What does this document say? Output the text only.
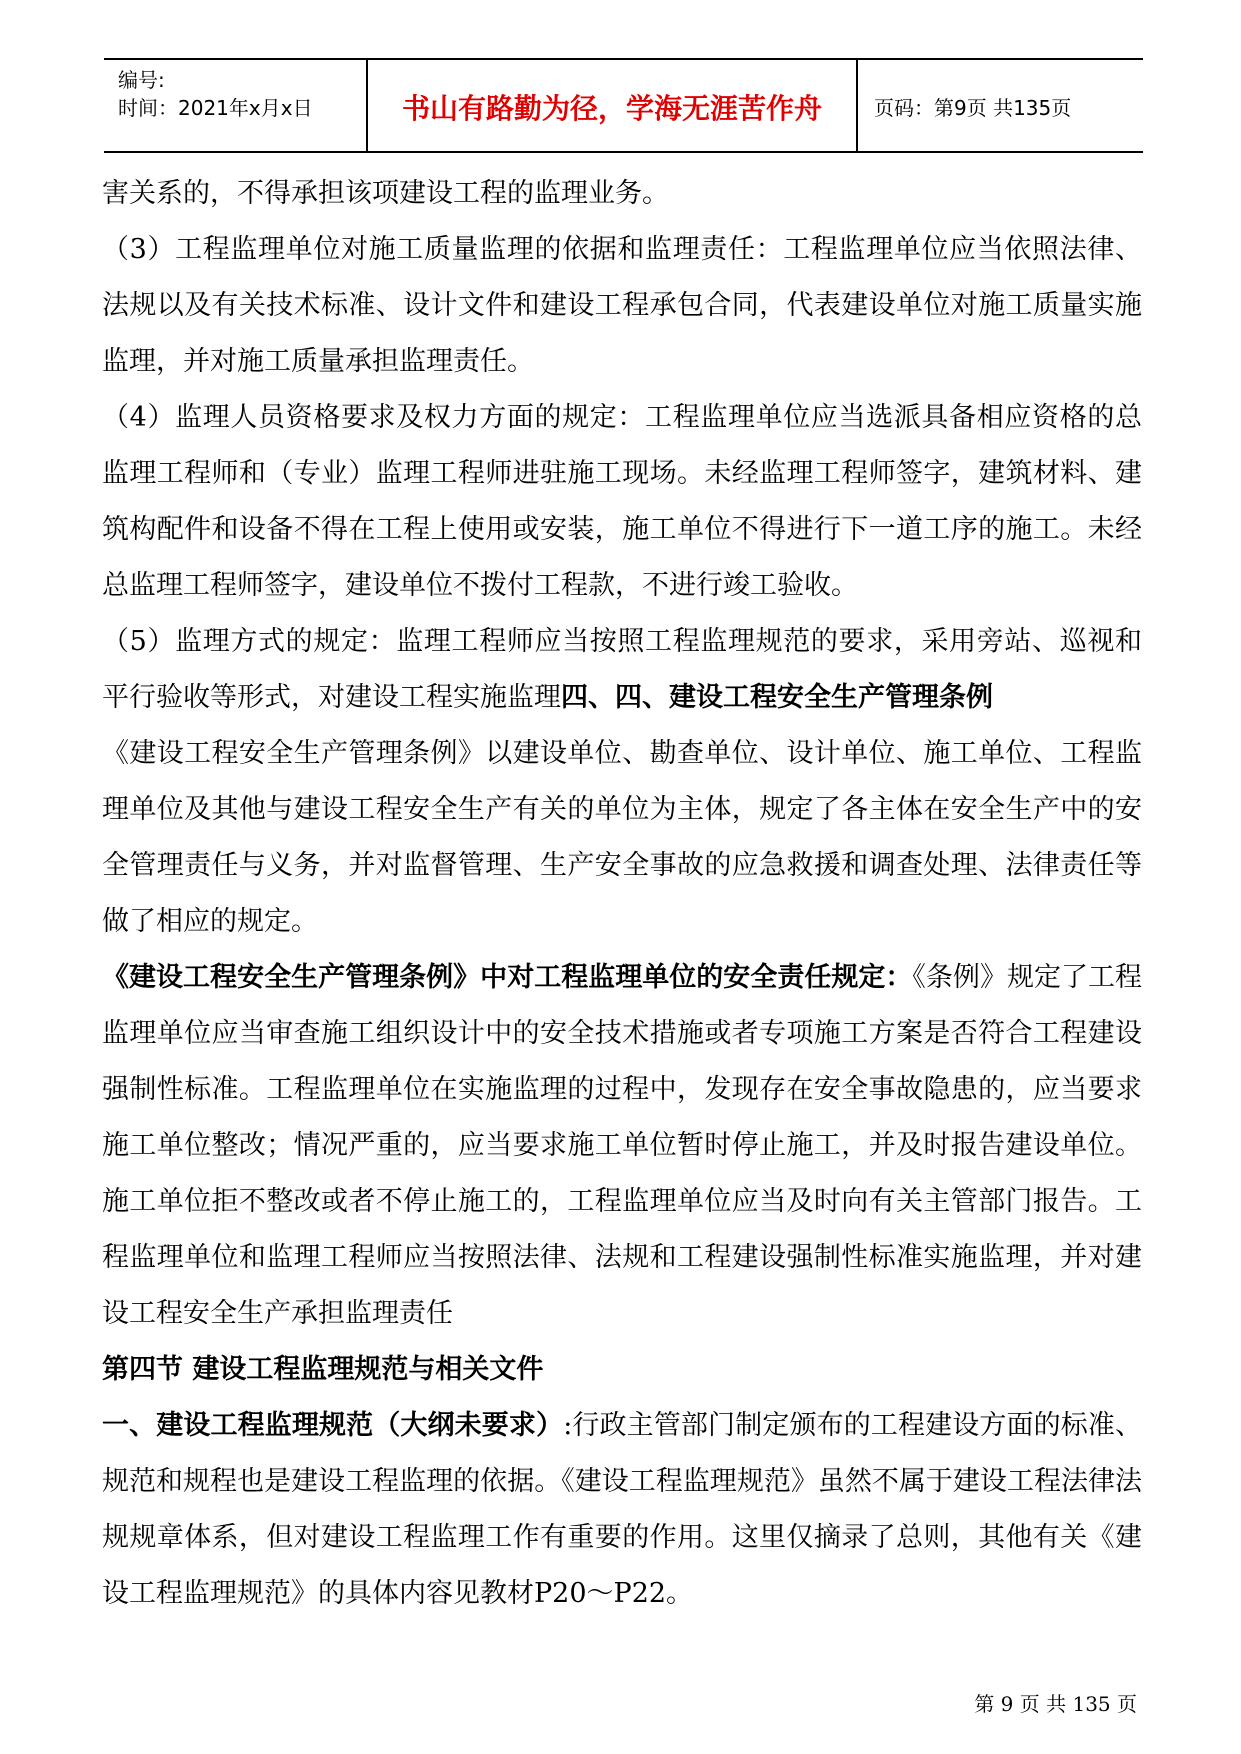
编号:
时间：2021年x月x日	书山有路勤为径，学海无涯苦作舟	页码：第9页 共135页

害关系的，不得承担该项建设工程的监理业务。

（3）工程监理单位对施工质量监理的依据和监理责任：工程监理单位应当依照法律、法规以及有关技术标准、设计文件和建设工程承包合同，代表建设单位对施工质量实施监理，并对施工质量承担监理责任。

（4）监理人员资格要求及权力方面的规定：工程监理单位应当选派具备相应资格的总监理工程师和（专业）监理工程师进驻施工现场。未经监理工程师签字，建筑材料、建筑构配件和设备不得在工程上使用或安装，施工单位不得进行下一道工序的施工。未经总监理工程师签字，建设单位不拨付工程款，不进行竣工验收。

（5）监理方式的规定：监理工程师应当按照工程监理规范的要求，采用旁站、巡视和平行验收等形式，对建设工程实施监理四、四、建设工程安全生产管理条例

《建设工程安全生产管理条例》以建设单位、勘查单位、设计单位、施工单位、工程监理单位及其他与建设工程安全生产有关的单位为主体，规定了各主体在安全生产中的安全管理责任与义务，并对监督管理、生产安全事故的应急救援和调查处理、法律责任等做了相应的规定。

《建设工程安全生产管理条例》中对工程监理单位的安全责任规定：《条例》规定了工程监理单位应当审查施工组织设计中的安全技术措施或者专项施工方案是否符合工程建设强制性标准。工程监理单位在实施监理的过程中，发现存在安全事故隐患的，应当要求施工单位整改；情况严重的，应当要求施工单位暂时停止施工，并及时报告建设单位。施工单位拒不整改或者不停止施工的，工程监理单位应当及时向有关主管部门报告。工程监理单位和监理工程师应当按照法律、法规和工程建设强制性标准实施监理，并对建设工程安全生产承担监理责任

第四节 建设工程监理规范与相关文件

一、建设工程监理规范（大纲未要求）:行政主管部门制定颁布的工程建设方面的标准、规范和规程也是建设工程监理的依据。《建设工程监理规范》虽然不属于建设工程法律法规规章体系，但对建设工程监理工作有重要的作用。这里仅摘录了总则，其他有关《建设工程监理规范》的具体内容见教材P20～P22。

第 9 页 共 135 页
